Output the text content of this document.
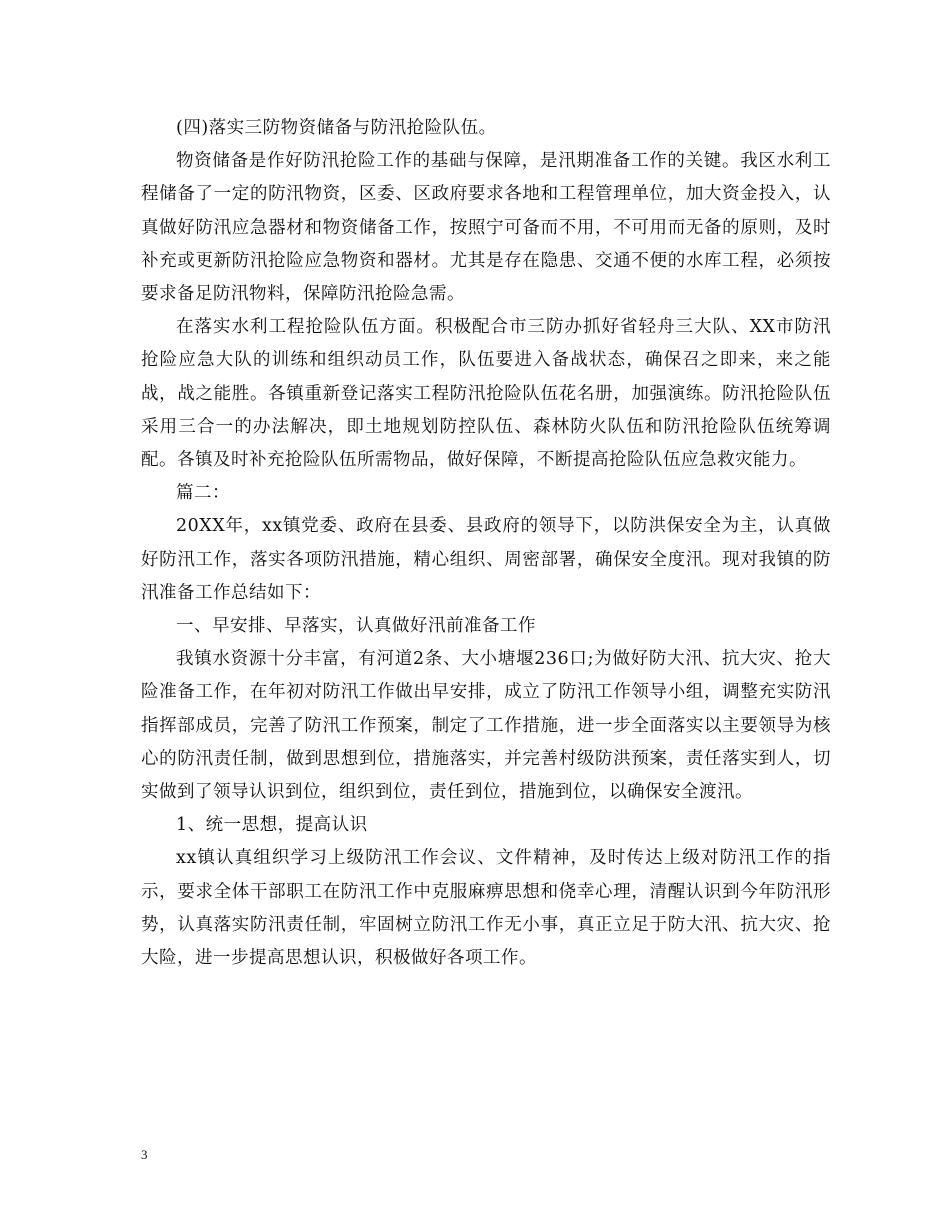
(四)落实三防物资储备与防汛抢险队伍。

物资储备是作好防汛抢险工作的基础与保障，是汛期准备工作的关键。我区水利工程储备了一定的防汛物资，区委、区政府要求各地和工程管理单位，加大资金投入，认真做好防汛应急器材和物资储备工作，按照宁可备而不用，不可用而无备的原则，及时补充或更新防汛抢险应急物资和器材。尤其是存在隐患、交通不便的水库工程，必须按要求备足防汛物料，保障防汛抢险急需。

在落实水利工程抢险队伍方面。积极配合市三防办抓好省轻舟三大队、XX市防汛抢险应急大队的训练和组织动员工作，队伍要进入备战状态，确保召之即来，来之能战，战之能胜。各镇重新登记落实工程防汛抢险队伍花名册，加强演练。防汛抢险队伍采用三合一的办法解决，即土地规划防控队伍、森林防火队伍和防汛抢险队伍统筹调配。各镇及时补充抢险队伍所需物品，做好保障，不断提高抢险队伍应急救灾能力。

篇二：

20XX年，xx镇党委、政府在县委、县政府的领导下，以防洪保安全为主，认真做好防汛工作，落实各项防汛措施，精心组织、周密部署，确保安全度汛。现对我镇的防汛准备工作总结如下：

一、早安排、早落实，认真做好汛前准备工作

我镇水资源十分丰富，有河道2条、大小塘堰236口;为做好防大汛、抗大灾、抢大险准备工作，在年初对防汛工作做出早安排，成立了防汛工作领导小组，调整充实防汛指挥部成员，完善了防汛工作预案，制定了工作措施，进一步全面落实以主要领导为核心的防汛责任制，做到思想到位，措施落实，并完善村级防洪预案，责任落实到人，切实做到了领导认识到位，组织到位，责任到位，措施到位，以确保安全渡汛。

1、统一思想，提高认识

xx镇认真组织学习上级防汛工作会议、文件精神，及时传达上级对防汛工作的指示，要求全体干部职工在防汛工作中克服麻痹思想和侥幸心理，清醒认识到今年防汛形势，认真落实防汛责任制，牢固树立防汛工作无小事，真正立足于防大汛、抗大灾、抢大险，进一步提高思想认识，积极做好各项工作。

3
